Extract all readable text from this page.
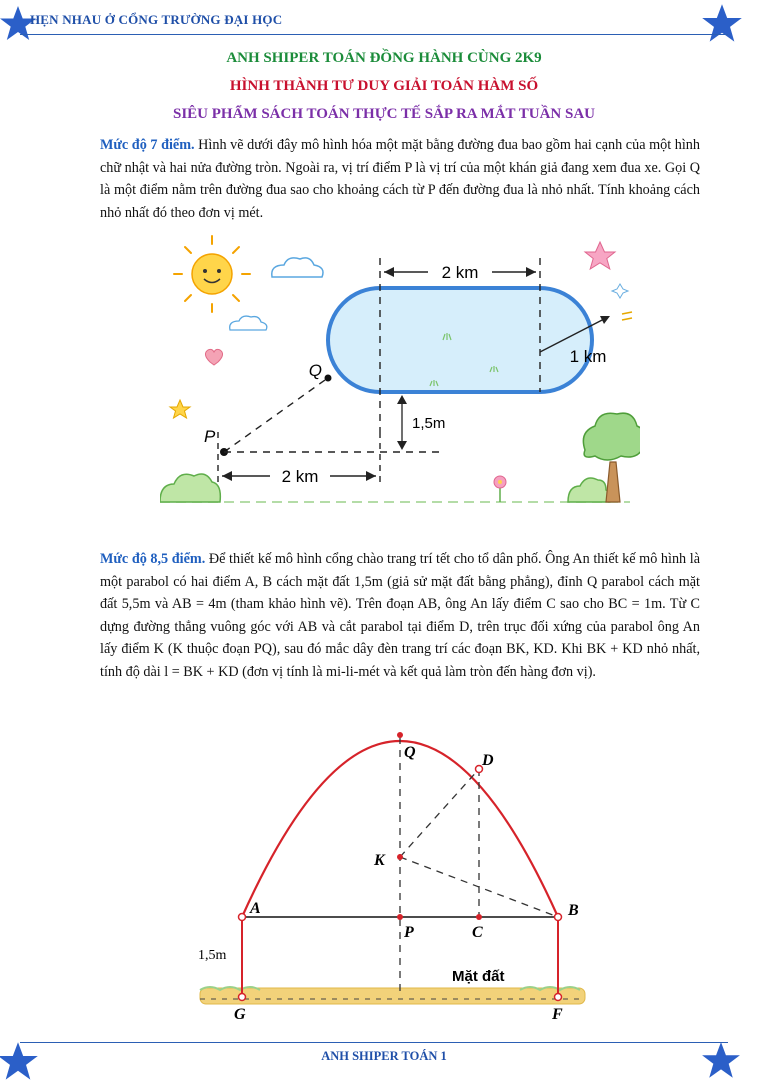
HẸN NHAU Ở CỔNG TRƯỜNG ĐẠI HỌC
ANH SHIPER TOÁN ĐỒNG HÀNH CÙNG 2K9
HÌNH THÀNH TƯ DUY GIẢI TOÁN HÀM SỐ
SIÊU PHẨM SÁCH TOÁN THỰC TẾ SẮP RA MẮT TUẦN SAU
Mức độ 7 điểm. Hình vẽ dưới đây mô hình hóa một mặt bằng đường đua bao gồm hai cạnh của một hình chữ nhật và hai nửa đường tròn. Ngoài ra, vị trí điểm P là vị trí của một khán giả đang xem đua xe. Gọi Q là một điểm nằm trên đường đua sao cho khoảng cách từ P đến đường đua là nhỏ nhất. Tính khoảng cách nhỏ nhất đó theo đơn vị mét.
2 km
1 km
Q
P
1,5m
2 km
Mức độ 8,5 điểm. Để thiết kế mô hình cổng chào trang trí tết cho tổ dân phố. Ông An thiết kế mô hình là một parabol có hai điểm A, B cách mặt đất 1,5m (giả sử mặt đất bằng phẳng), đỉnh Q parabol cách mặt đất 5,5m và AB = 4m (tham khảo hình vẽ). Trên đoạn AB, ông An lấy điểm C sao cho BC = 1m. Từ C dựng đường thẳng vuông góc với AB và cắt parabol tại điểm D, trên trục đối xứng của parabol ông An lấy điểm K (K thuộc đoạn PQ), sau đó mắc dây đèn trang trí các đoạn BK, KD. Khi BK + KD nhỏ nhất, tính độ dài l = BK + KD (đơn vị tính là mi-li-mét và kết quả làm tròn đến hàng đơn vị).
Q	D
K
A	B
P	C
G	F
1,5m
Mặt đất
ANH SHIPER TOÁN 1
